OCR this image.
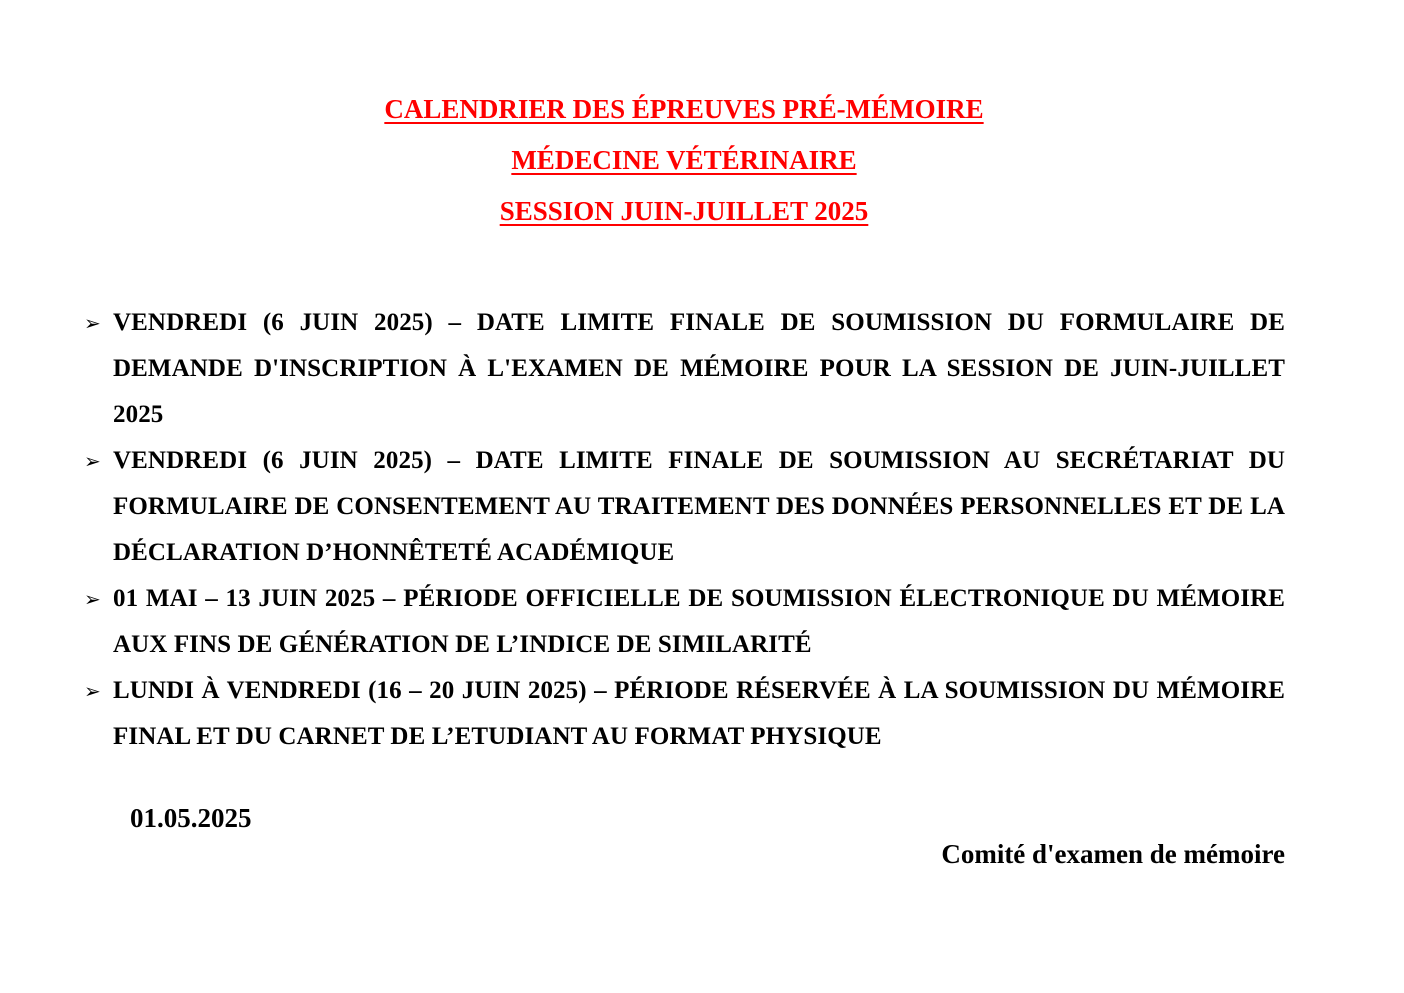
CALENDRIER DES ÉPREUVES PRÉ-MÉMOIRE
MÉDECINE VÉTÉRINAIRE
SESSION JUIN-JUILLET 2025
➢ VENDREDI (6 JUIN 2025) – DATE LIMITE FINALE DE SOUMISSION DU FORMULAIRE DE DEMANDE D'INSCRIPTION À L'EXAMEN DE MÉMOIRE POUR LA SESSION DE JUIN-JUILLET 2025
➢ VENDREDI (6 JUIN 2025) – DATE LIMITE FINALE DE SOUMISSION AU SECRÉTARIAT DU FORMULAIRE DE CONSENTEMENT AU TRAITEMENT DES DONNÉES PERSONNELLES ET DE LA DÉCLARATION D’HONNÊTETÉ ACADÉMIQUE
➢ 01 MAI – 13 JUIN 2025 – PÉRIODE OFFICIELLE DE SOUMISSION ÉLECTRONIQUE DU MÉMOIRE AUX FINS DE GÉNÉRATION DE L’INDICE DE SIMILARITÉ
➢ LUNDI À VENDREDI (16 – 20 JUIN 2025) – PÉRIODE RÉSERVÉE À LA SOUMISSION DU MÉMOIRE FINAL ET DU CARNET DE L’ETUDIANT AU FORMAT PHYSIQUE
01.05.2025
Comité d'examen de mémoire
